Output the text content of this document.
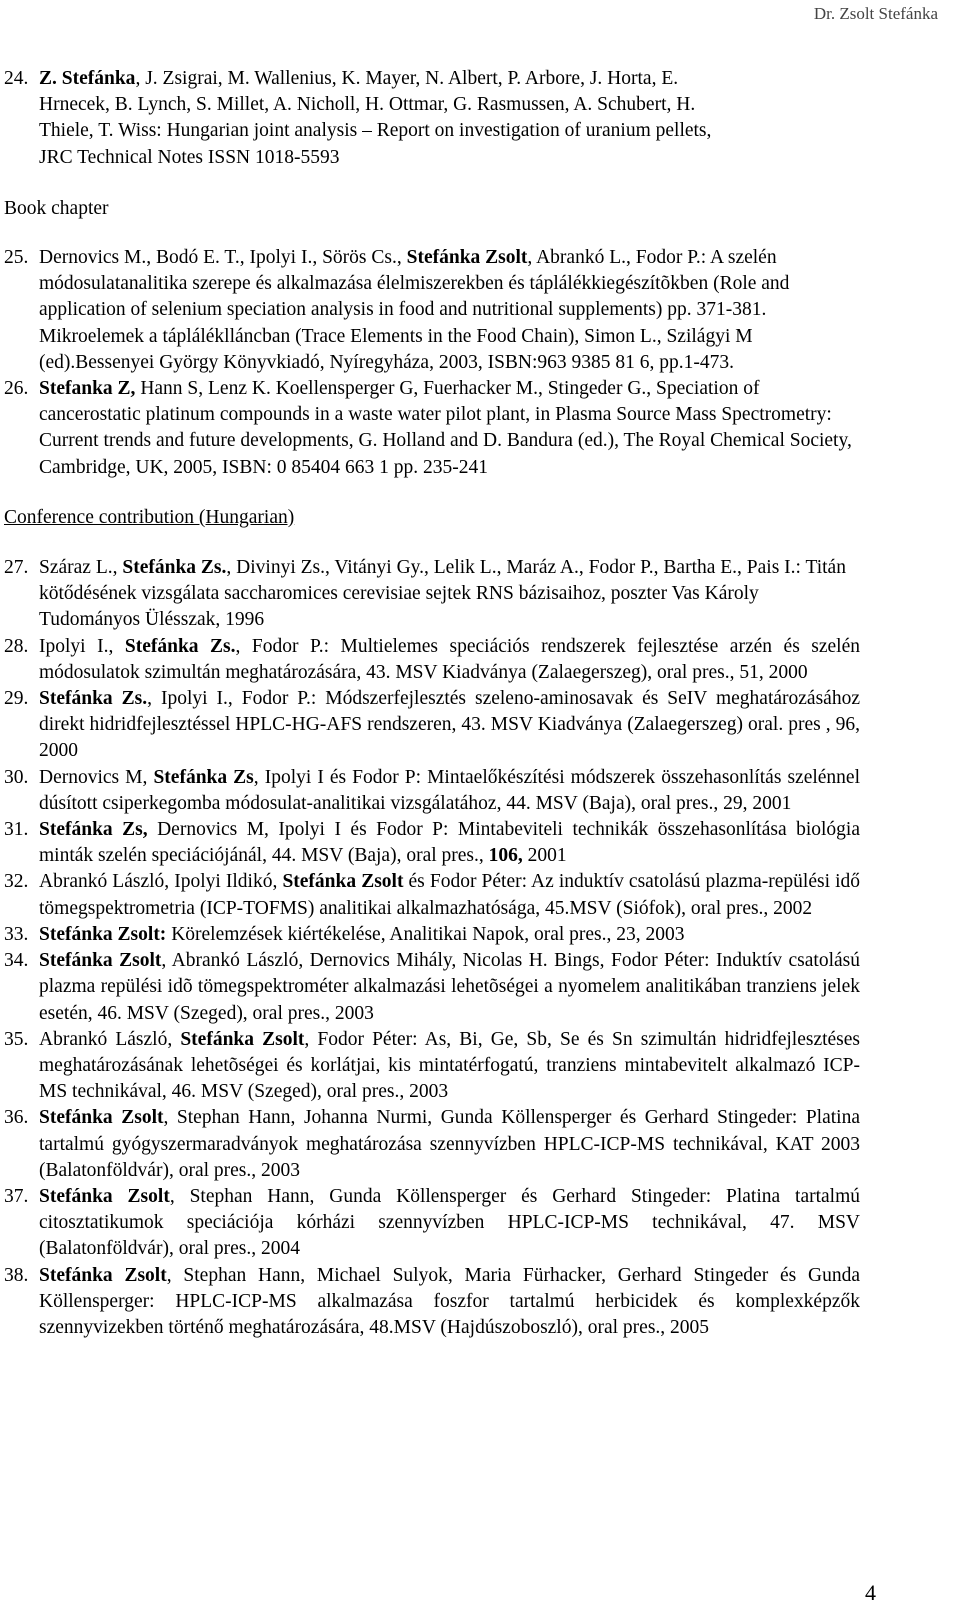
Dr. Zsolt Stefánka
24. Z. Stefánka, J. Zsigrai, M. Wallenius, K. Mayer, N. Albert, P. Arbore, J. Horta, E.
Hrnecek, B. Lynch, S. Millet, A. Nicholl, H. Ottmar, G. Rasmussen, A. Schubert, H.
Thiele, T. Wiss: Hungarian joint analysis – Report on investigation of uranium pellets,
JRC Technical Notes ISSN 1018-5593
Book chapter
25. Dernovics M., Bodó E. T., Ipolyi I., Sörös Cs., Stefánka Zsolt, Abrankó L., Fodor P.: A szelén módosulatanalitika szerepe és alkalmazása élelmiszerekben és táplálékkiegészítõkben (Role and application of selenium speciation analysis in food and nutritional supplements) pp. 371-381. Mikroelemek a tápláléklláncban (Trace Elements in the Food Chain), Simon L., Szilágyi M (ed).Bessenyei György Könyvkiadó, Nyíregyháza, 2003, ISBN:963 9385 81 6, pp.1-473.
26. Stefanka Z, Hann S, Lenz K. Koellensperger G, Fuerhacker M., Stingeder G., Speciation of cancerostatic platinum compounds in a waste water pilot plant, in Plasma Source Mass Spectrometry: Current trends and future developments, G. Holland and D. Bandura (ed.), The Royal Chemical Society, Cambridge, UK, 2005, ISBN: 0 85404 663 1 pp. 235-241
Conference contribution (Hungarian)
27. Száraz L., Stefánka Zs., Divinyi Zs., Vitányi Gy., Lelik L., Maráz A., Fodor P., Bartha E., Pais I.: Titán kötődésének vizsgálata saccharomices cerevisiae sejtek RNS bázisaihoz, poszter Vas Károly Tudományos Ülésszak, 1996
28. Ipolyi I., Stefánka Zs., Fodor P.: Multielemes speciációs rendszerek fejlesztése arzén és szelén módosulatok szimultán meghatározására, 43. MSV Kiadványa (Zalaegerszeg), oral pres., 51, 2000
29. Stefánka Zs., Ipolyi I., Fodor P.: Módszerfejlesztés szeleno-aminosavak és SeIV meghatározásához direkt hidridfejlesztéssel HPLC-HG-AFS rendszeren, 43. MSV Kiadványa (Zalaegerszeg) oral. pres , 96, 2000
30. Dernovics M, Stefánka Zs, Ipolyi I és Fodor P: Mintaelőkészítési módszerek összehasonlítás szelénnel dúsított csiperkegomba módosulat-analitikai vizsgálatához, 44. MSV (Baja), oral pres., 29, 2001
31. Stefánka Zs, Dernovics M, Ipolyi I és Fodor P: Mintabeviteli technikák összehasonlítása biológia minták szelén speciációjánál, 44. MSV (Baja), oral pres., 106, 2001
32. Abrankó László, Ipolyi Ildikó, Stefánka Zsolt és Fodor Péter: Az induktív csatolású plazma-repülési idő tömegspektrometria (ICP-TOFMS) analitikai alkalmazhatósága, 45.MSV (Siófok), oral pres., 2002
33. Stefánka Zsolt: Körelemzések kiértékelése, Analitikai Napok, oral pres., 23, 2003
34. Stefánka Zsolt, Abrankó László, Dernovics Mihály, Nicolas H. Bings, Fodor Péter: Induktív csatolású plazma repülési idõ tömegspektrométer alkalmazási lehetõségei a nyomelem analitikában tranziens jelek esetén, 46. MSV (Szeged), oral pres., 2003
35. Abrankó László, Stefánka Zsolt, Fodor Péter: As, Bi, Ge, Sb, Se és Sn szimultán hidridfejlesztéses meghatározásának lehetõségei és korlátjai, kis mintatérfogatú, tranziens mintabevitelt alkalmazó ICP-MS technikával, 46. MSV (Szeged), oral pres., 2003
36. Stefánka Zsolt, Stephan Hann, Johanna Nurmi, Gunda Köllensperger és Gerhard Stingeder: Platina tartalmú gyógyszermaradványok meghatározása szennyvízben HPLC-ICP-MS technikával, KAT 2003 (Balatonföldvár), oral pres., 2003
37. Stefánka Zsolt, Stephan Hann, Gunda Köllensperger és Gerhard Stingeder: Platina tartalmú citosztatikumok speciációja kórházi szennyvízben HPLC-ICP-MS technikával, 47. MSV (Balatonföldvár), oral pres., 2004
38. Stefánka Zsolt, Stephan Hann, Michael Sulyok, Maria Fürhacker, Gerhard Stingeder és Gunda Köllensperger: HPLC-ICP-MS alkalmazása foszfor tartalmú herbicidek és komplexképzők szennyvizekben történő meghatározására, 48.MSV (Hajdúszoboszló), oral pres., 2005
4
